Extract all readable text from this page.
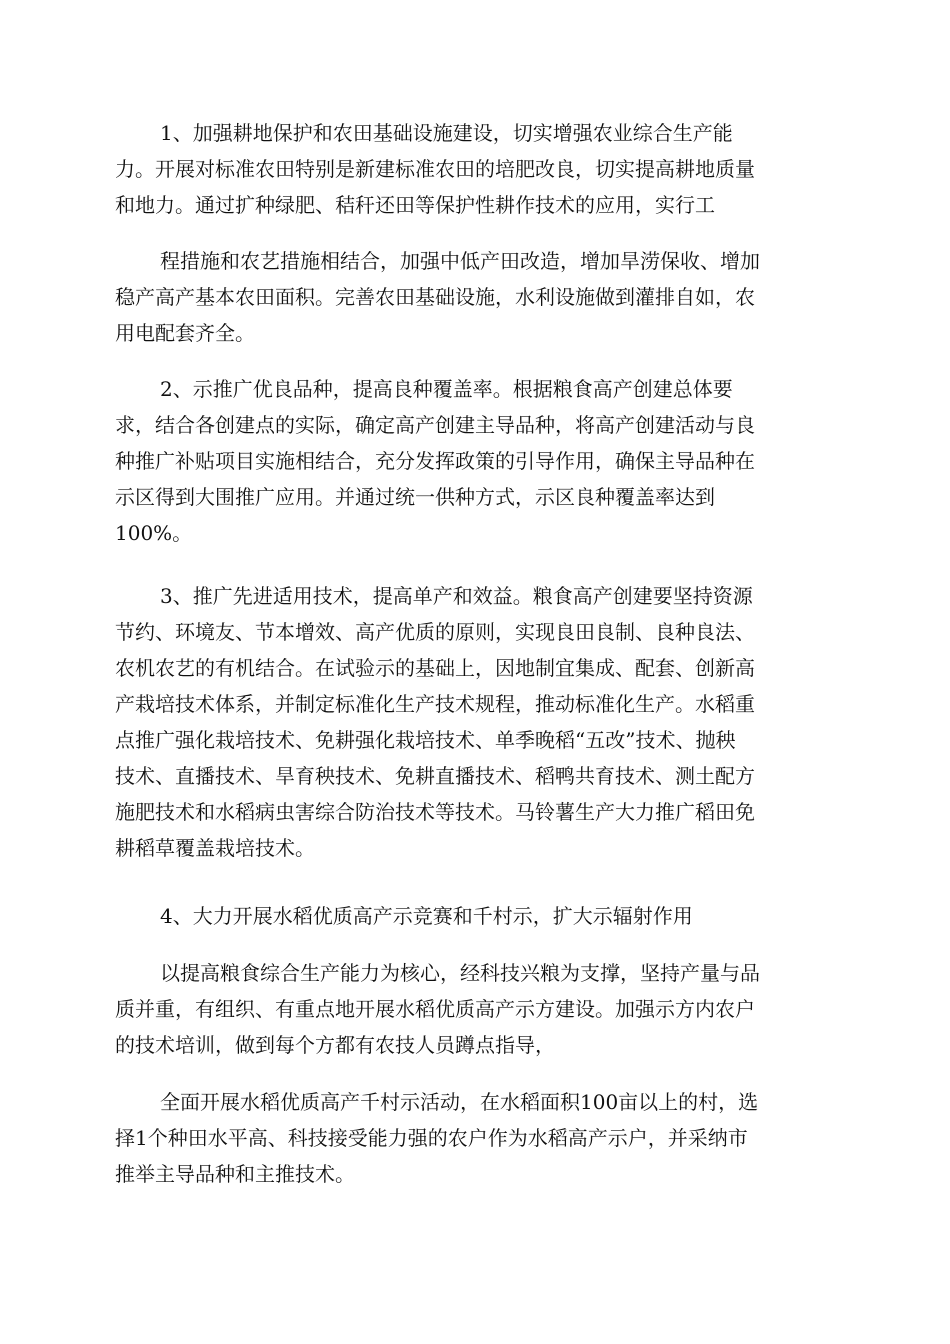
1、加强耕地保护和农田基础设施建设，切实增强农业综合生产能
力。开展对标准农田特别是新建标准农田的培肥改良，切实提高耕地质量
和地力。通过扩种绿肥、秸秆还田等保护性耕作技术的应用，实行工

程措施和农艺措施相结合，加强中低产田改造，增加旱涝保收、增加
稳产高产基本农田面积。完善农田基础设施，水利设施做到灌排自如，农
用电配套齐全。

2、示推广优良品种，提高良种覆盖率。根据粮食高产创建总体要
求，结合各创建点的实际，确定高产创建主导品种，将高产创建活动与良
种推广补贴项目实施相结合，充分发挥政策的引导作用，确保主导品种在
示区得到大围推广应用。并通过统一供种方式，示区良种覆盖率达到
100%。

3、推广先进适用技术，提高单产和效益。粮食高产创建要坚持资源
节约、环境友、节本增效、高产优质的原则，实现良田良制、良种良法、
农机农艺的有机结合。在试验示的基础上，因地制宜集成、配套、创新高
产栽培技术体系，并制定标准化生产技术规程，推动标准化生产。水稻重
点推广强化栽培技术、免耕强化栽培技术、单季晚稻“五改”技术、抛秧
技术、直播技术、旱育秧技术、免耕直播技术、稻鸭共育技术、测土配方
施肥技术和水稻病虫害综合防治技术等技术。马铃薯生产大力推广稻田免
耕稻草覆盖栽培技术。

4、大力开展水稻优质高产示竞赛和千村示，扩大示辐射作用

以提高粮食综合生产能力为核心，经科技兴粮为支撑，坚持产量与品
质并重，有组织、有重点地开展水稻优质高产示方建设。加强示方内农户
的技术培训，做到每个方都有农技人员蹲点指导，

全面开展水稻优质高产千村示活动，在水稻面积100亩以上的村，选
择1个种田水平高、科技接受能力强的农户作为水稻高产示户，并采纳市
推举主导品种和主推技术。
